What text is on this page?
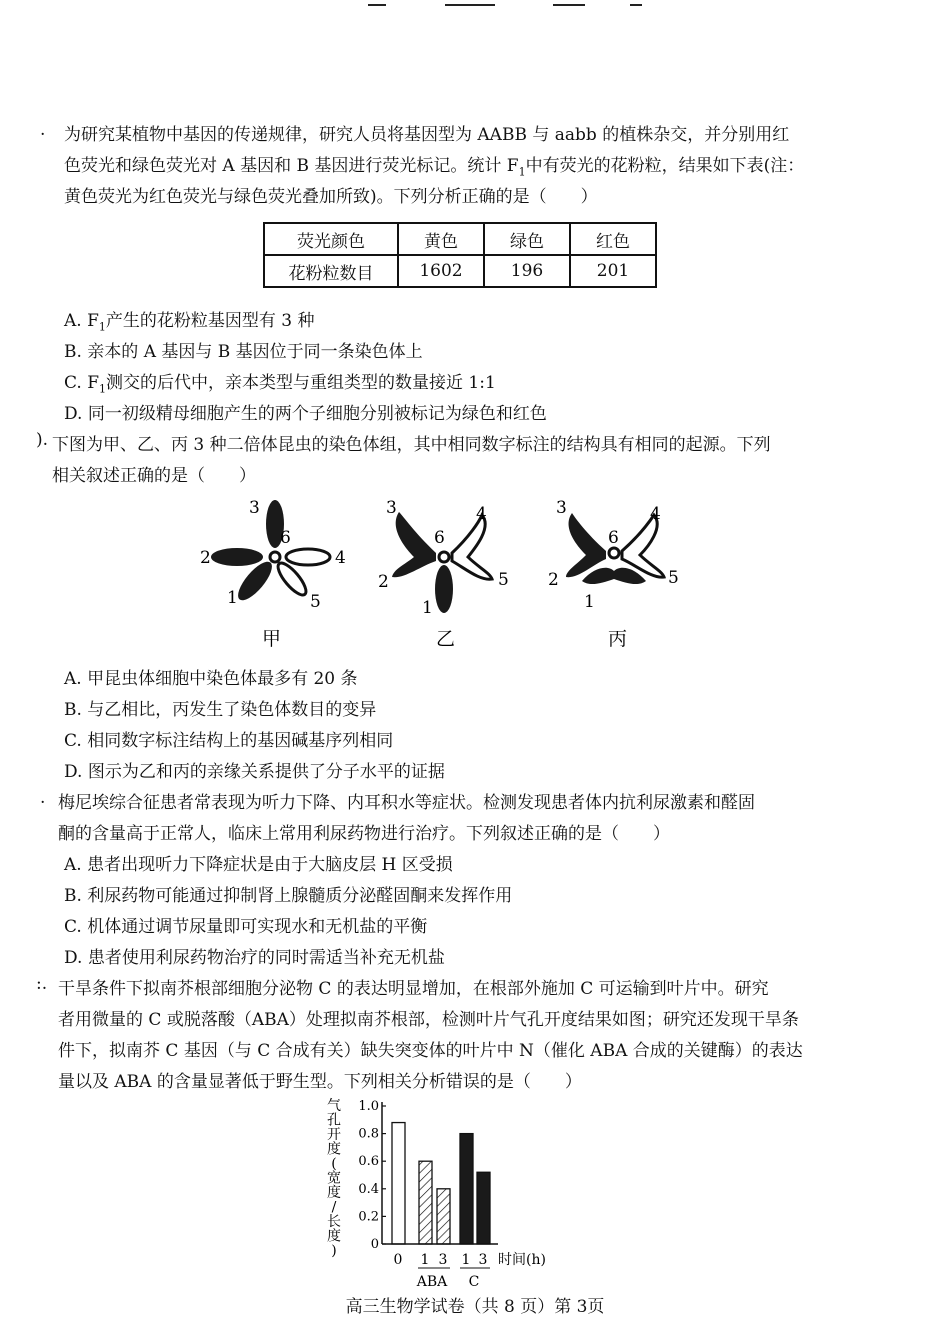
. 为研究某植物中基因的传递规律，研究人员将基因型为 AABB 与 aabb 的植株杂交，并分别用红
色荧光和绿色荧光对 A 基因和 B 基因进行荧光标记。统计 $F_1$中有荧光的花粉粒，结果如下表(注：
黄色荧光为红色荧光与绿色荧光叠加所致)。下列分析正确的是（　　）
荧光颜色	黄色	绿色	红色
花粉粒数目	1602	196	201
A. $F_1$产生的花粉粒基因型有 3 种
B. 亲本的 A 基因与 B 基因位于同一条染色体上
C. $F_1$测交的后代中，亲本类型与重组类型的数量接近 1:1
D. 同一初级精母细胞产生的两个子细胞分别被标记为绿色和红色
). 下图为甲、乙、丙 3 种二倍体昆虫的染色体组，其中相同数字标注的结构具有相同的起源。下列
相关叙述正确的是（　　）
3
6
2	4
1	5
甲
3
6
2
4
5
1
乙
3
6
2
4
5
1
丙
A. 甲昆虫体细胞中染色体最多有 20 条
B. 与乙相比，丙发生了染色体数目的变异
C. 相同数字标注结构上的基因碱基序列相同
D. 图示为乙和丙的亲缘关系提供了分子水平的证据
. 梅尼埃综合征患者常表现为听力下降、内耳积水等症状。检测发现患者体内抗利尿激素和醛固
酮的含量高于正常人，临床上常用利尿药物进行治疗。下列叙述正确的是（　　）
A. 患者出现听力下降症状是由于大脑皮层 H 区受损
B. 利尿药物可能通过抑制肾上腺髓质分泌醛固酮来发挥作用
C. 机体通过调节尿量即可实现水和无机盐的平衡
D. 患者使用利尿药物治疗的同时需适当补充无机盐
:. 干旱条件下拟南芥根部细胞分泌物 C 的表达明显增加，在根部外施加 C 可运输到叶片中。研究
者用微量的 C 或脱落酸（ABA）处理拟南芥根部，检测叶片气孔开度结果如图；研究还发现干旱条
件下，拟南芥 C 基因（与 C 合成有关）缺失突变体的叶片中 N（催化 ABA 合成的关键酶）的表达
量以及 ABA 的含量显著低于野生型。下列相关分析错误的是（　　）
气孔开度(宽度/长度)	0
0.2
0.4
0.6
0.8
1.0
0 1 3 1 3 时间(h)
ABA C
高三生物学试卷（共 8 页）第 3页
